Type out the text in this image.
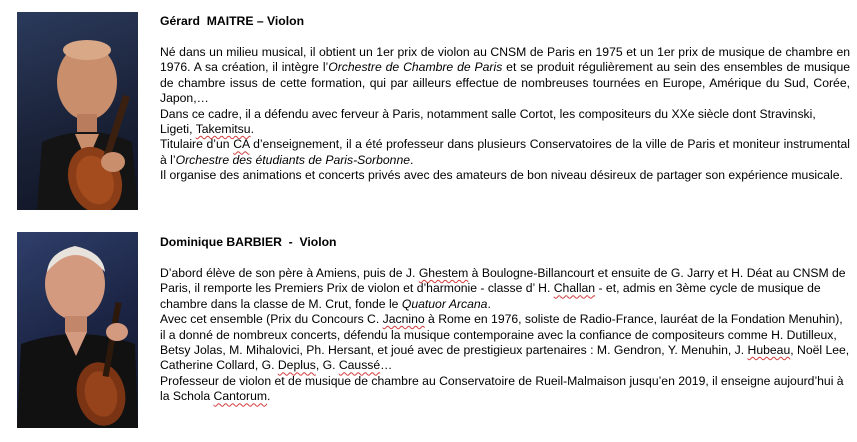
Gérard  MAITRE – Violon

Né dans un milieu musical, il obtient un 1er prix de violon au CNSM de Paris en 1975 et un 1er prix de musique de chambre en 1976. A sa création, il intègre l’Orchestre de Chambre de Paris et se produit régulièrement au sein des ensembles de musique de chambre issus de cette formation, qui par ailleurs effectue de nombreuses tournées en Europe, Amérique du Sud, Corée, Japon,…

Dans ce cadre, il a défendu avec ferveur à Paris, notamment salle Cortot, les compositeurs du XXe siècle dont Stravinski, Ligeti, Takemitsu.

Titulaire d’un CA d’enseignement, il a été professeur dans plusieurs Conservatoires de la ville de Paris et moniteur instrumental à l’Orchestre des étudiants de Paris-Sorbonne.

Il organise des animations et concerts privés avec des amateurs de bon niveau désireux de partager son expérience musicale.

Dominique BARBIER  -  Violon

D’abord élève de son père à Amiens, puis de J. Ghestem à Boulogne-Billancourt et ensuite de G. Jarry et H. Déat au CNSM de Paris, il remporte les Premiers Prix de violon et d’harmonie - classe d’ H. Challan - et, admis en 3ème cycle de musique de chambre dans la classe de M. Crut, fonde le Quatuor Arcana.

Avec cet ensemble (Prix du Concours C. Jacnino à Rome en 1976, soliste de Radio-France, lauréat de la Fondation Menuhin), il a donné de nombreux concerts, défendu la musique contemporaine avec la confiance de compositeurs comme H. Dutilleux, Betsy Jolas, M. Mihalovici, Ph. Hersant, et joué avec de prestigieux partenaires : M. Gendron, Y. Menuhin, J. Hubeau, Noël Lee, Catherine Collard, G. Deplus, G. Caussé…

Professeur de violon et de musique de chambre au Conservatoire de Rueil-Malmaison jusqu’en 2019, il enseigne aujourd’hui à la Schola Cantorum.
